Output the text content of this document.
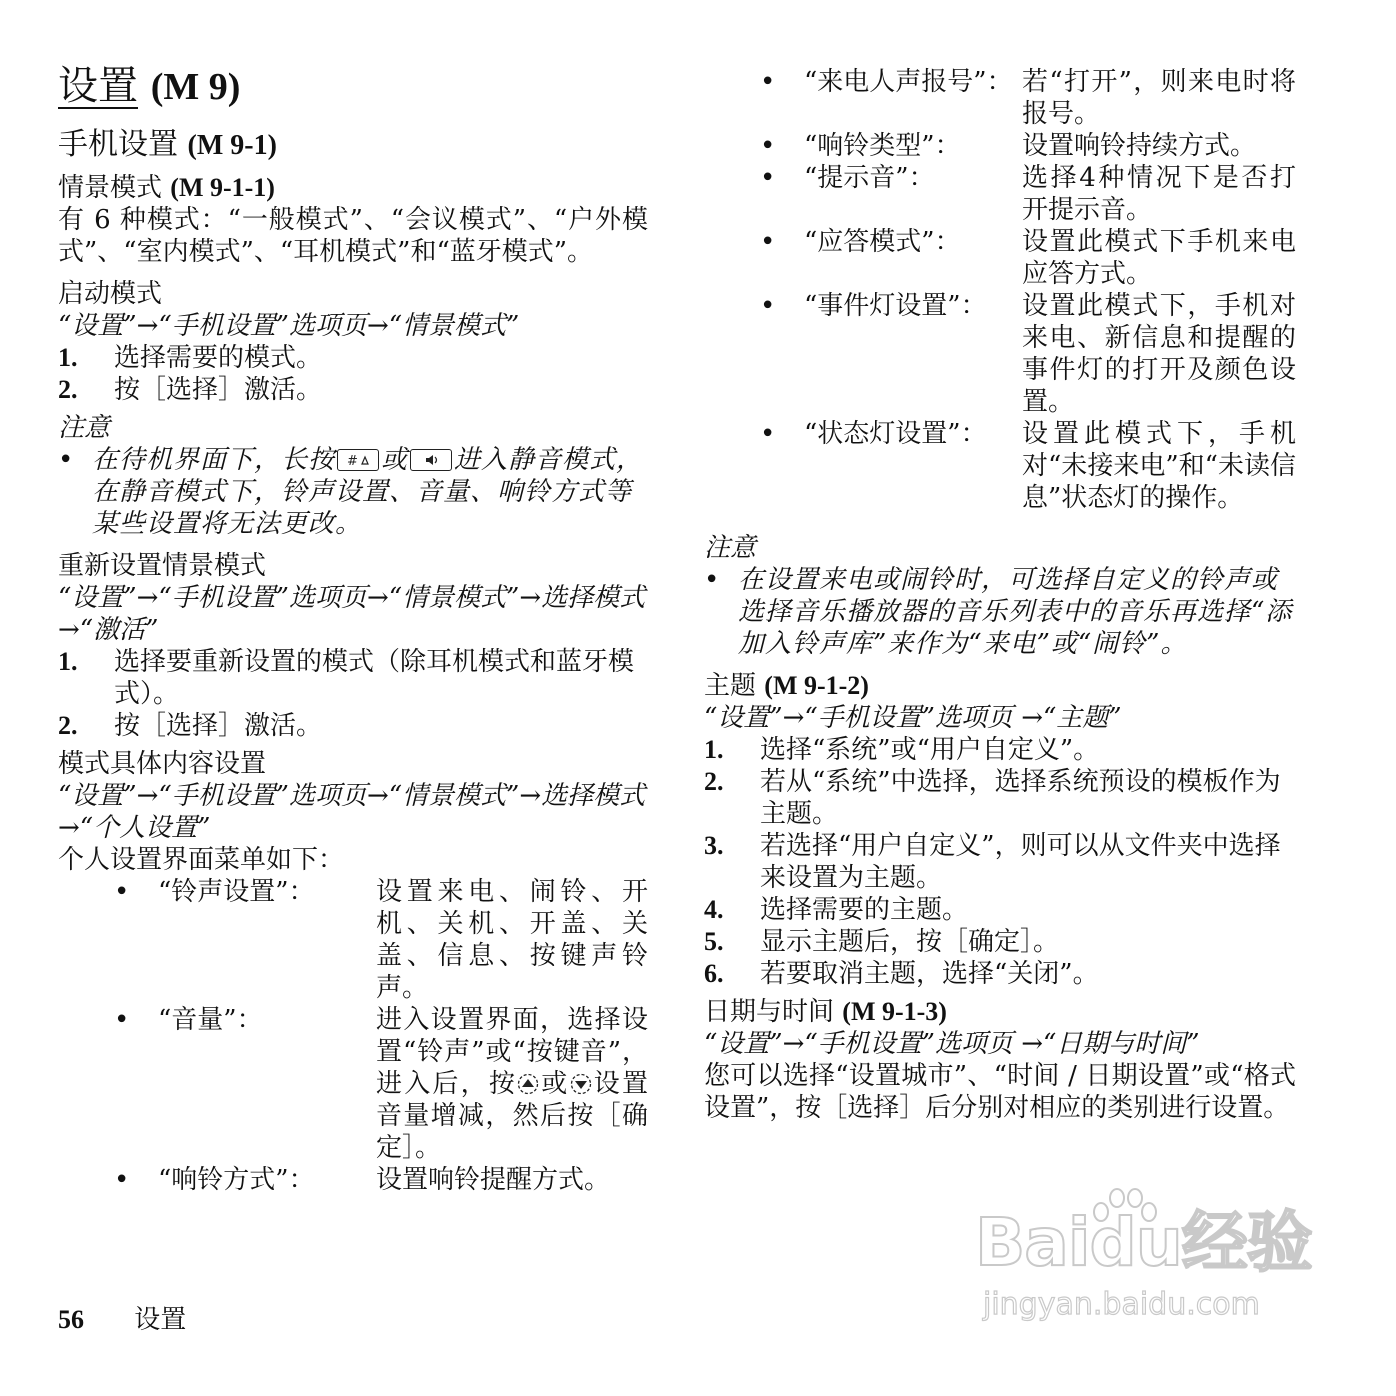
设置 (M 9)
手机设置 (M 9-1)
情景模式 (M 9-1-1)
有 6 种模式：“一般模式”、“会议模式”、“户外模式”、“室内模式”、“耳机模式”和“蓝牙模式”。
启动模式
“设置”→“手机设置”选项页→“情景模式”
1.	选择需要的模式。
2.	按［选择］激活。
注意
• 在待机界面下，长按 # 或 进入静音模式，在静音模式下，铃声设置、音量、响铃方式等某些设置将无法更改。
重新设置情景模式
“设置”→“手机设置”选项页→“情景模式”→选择模式→“激活”
1.	选择要重新设置的模式（除耳机模式和蓝牙模式）。
2.	按［选择］激活。
模式具体内容设置
“设置”→“手机设置”选项页→“情景模式”→选择模式→“个人设置”
个人设置界面菜单如下：
•	“铃声设置”：	设置来电、闹铃、开机、关机、开盖、关盖、信息、按键声铃声。
•	“音量”：	进入设置界面，选择设置“铃声”或“按键音”，进入后，按 或 设置音量增减，然后按［确定］。
•	“响铃方式”：	设置响铃提醒方式。
•	“来电人声报号”： 若“打开”，则来电时将报号。
•	“响铃类型”：	设置响铃持续方式。
•	“提示音”：	选择4种情况下是否打开提示音。
•	“应答模式”：	设置此模式下手机来电应答方式。
•	“事件灯设置”：	设置此模式下，手机对来电、新信息和提醒的事件灯的打开及颜色设置。
•	“状态灯设置”：	设置此模式下，手机对“未接来电”和“未读信息”状态灯的操作。
注意
• 在设置来电或闹铃时，可选择自定义的铃声或选择音乐播放器的音乐列表中的音乐再选择“添加入铃声库”来作为“来电”或“闹铃”。
主题 (M 9-1-2)
“设置”→“手机设置”选项页 →“主题”
1.	选择“系统”或“用户自定义”。
2.	若从“系统”中选择，选择系统预设的模板作为主题。
3.	若选择“用户自定义”，则可以从文件夹中选择来设置为主题。
4.	选择需要的主题。
5.	显示主题后，按［确定］。
6.	若要取消主题，选择“关闭”。
日期与时间 (M 9-1-3)
“设置”→“手机设置”选项页 →“日期与时间”
您可以选择“设置城市”、“时间 / 日期设置”或“格式设置”，按［选择］后分别对相应的类别进行设置。
56 设置
Baidu经验
jingyan.baidu.com
